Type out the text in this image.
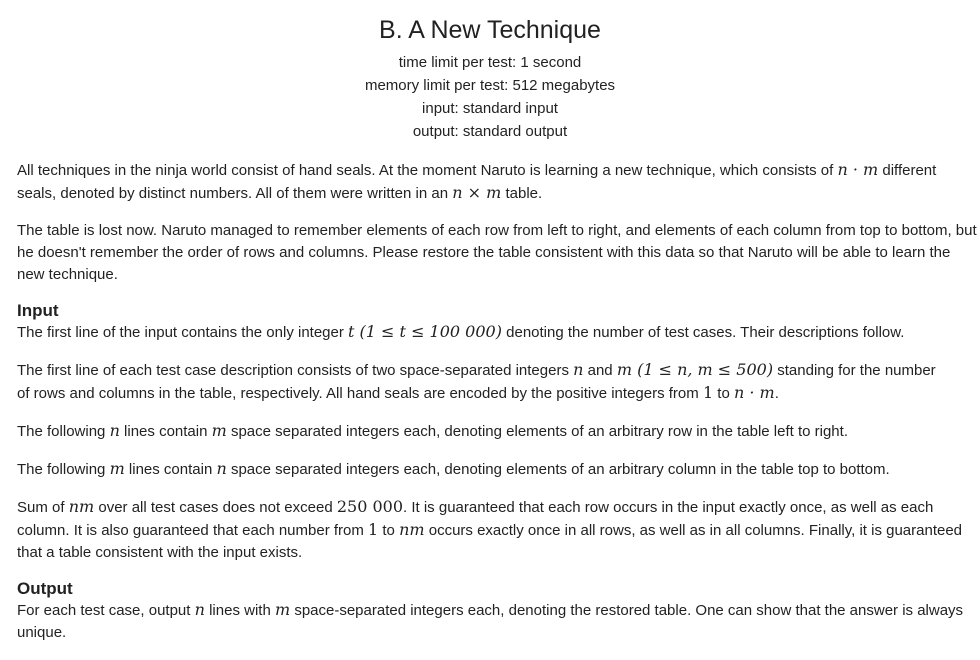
B. A New Technique
time limit per test: 1 second
memory limit per test: 512 megabytes
input: standard input
output: standard output

All techniques in the ninja world consist of hand seals. At the moment Naruto is learning a new technique, which consists of n · m different
seals, denoted by distinct numbers. All of them were written in an n × m table.

The table is lost now. Naruto managed to remember elements of each row from left to right, and elements of each column from top to bottom, but he doesn't remember the order of rows and columns. Please restore the table consistent with this data so that Naruto will be able to learn the new technique.

Input

The first line of the input contains the only integer t (1 ≤ t ≤ 100 000) denoting the number of test cases. Their descriptions follow.

The first line of each test case description consists of two space-separated integers n and m (1 ≤ n, m ≤ 500) standing for the number
of rows and columns in the table, respectively. All hand seals are encoded by the positive integers from 1 to n · m.

The following n lines contain m space separated integers each, denoting elements of an arbitrary row in the table left to right.

The following m lines contain n space separated integers each, denoting elements of an arbitrary column in the table top to bottom.

Sum of nm over all test cases does not exceed 250 000. It is guaranteed that each row occurs in the input exactly once, as well as each column. It is also guaranteed that each number from 1 to nm occurs exactly once in all rows, as well as in all columns. Finally, it is guaranteed that a table consistent with the input exists.

Output

For each test case, output n lines with m space-separated integers each, denoting the restored table. One can show that the answer is always unique.
